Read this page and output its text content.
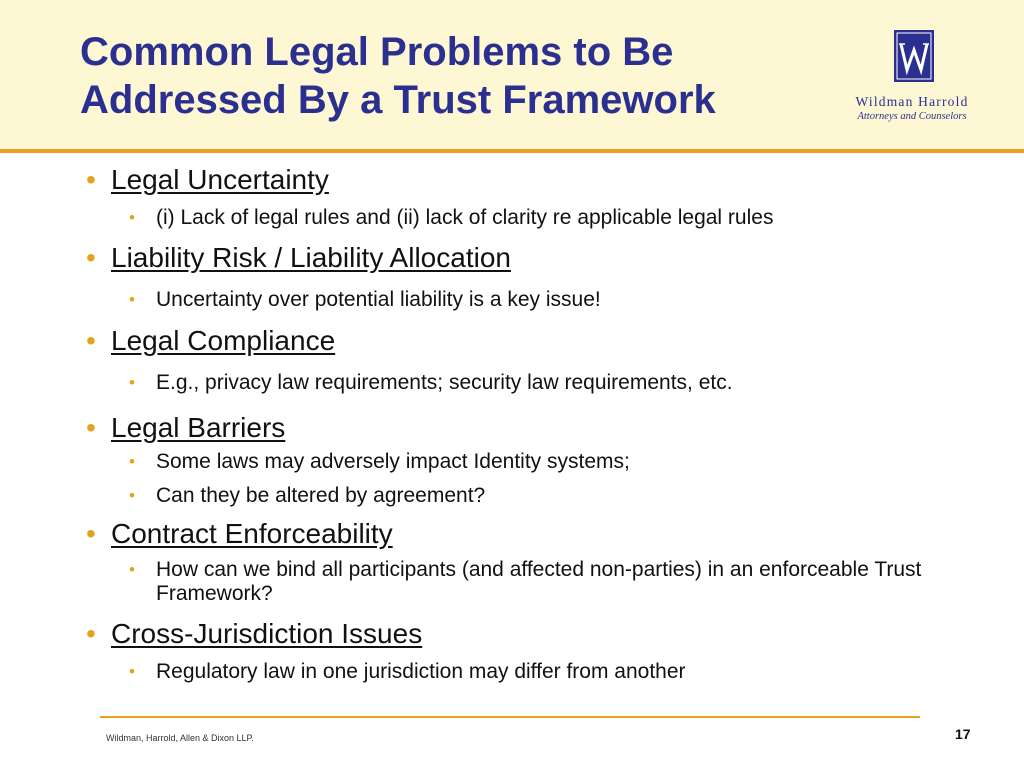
Common Legal Problems to Be
Addressed By a Trust Framework	Wildman Harrold
Attorneys and Counselors
• Legal Uncertainty
• (i) Lack of legal rules and (ii) lack of clarity re applicable legal rules
• Liability Risk / Liability Allocation
• Uncertainty over potential liability is a key issue!
• Legal Compliance
• E.g., privacy law requirements; security law requirements, etc.
• Legal Barriers
• Some laws may adversely impact Identity systems;
• Can they be altered by agreement?
• Contract Enforceability
• How can we bind all participants (and affected non-parties) in an enforceable Trust Framework?
• Cross-Jurisdiction Issues
• Regulatory law in one jurisdiction may differ from another
Wildman, Harrold, Allen & Dixon LLP.	17
